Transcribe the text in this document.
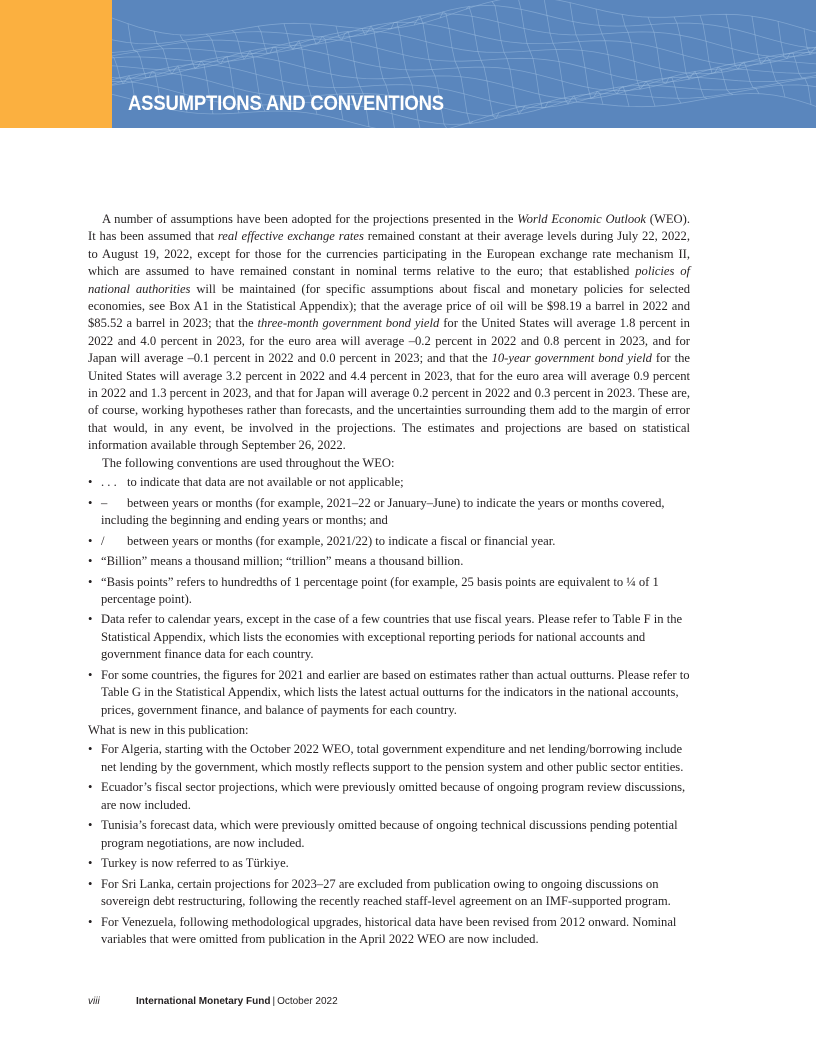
ASSUMPTIONS AND CONVENTIONS

A number of assumptions have been adopted for the projections presented in the World Economic Outlook (WEO). It has been assumed that real effective exchange rates remained constant at their average levels during July 22, 2022, to August 19, 2022, except for those for the currencies participating in the European exchange rate mechanism II, which are assumed to have remained constant in nominal terms relative to the euro; that established policies of national authorities will be maintained (for specific assumptions about fiscal and monetary policies for selected economies, see Box A1 in the Statistical Appendix); that the average price of oil will be $98.19 a barrel in 2022 and $85.52 a barrel in 2023; that the three-month government bond yield for the United States will average 1.8 percent in 2022 and 4.0 percent in 2023, for the euro area will average –0.2 percent in 2022 and 0.8 percent in 2023, and for Japan will average –0.1 percent in 2022 and 0.0 percent in 2023; and that the 10-year government bond yield for the United States will average 3.2 percent in 2022 and 4.4 percent in 2023, that for the euro area will average 0.9 percent in 2022 and 1.3 percent in 2023, and that for Japan will average 0.2 percent in 2022 and 0.3 percent in 2023. These are, of course, working hypotheses rather than forecasts, and the uncertainties surrounding them add to the margin of error that would, in any event, be involved in the projections. The estimates and projections are based on statistical information available through September 26, 2022.

The following conventions are used throughout the WEO:

• . . . to indicate that data are not available or not applicable;
• – between years or months (for example, 2021–22 or January–June) to indicate the years or months covered, including the beginning and ending years or months; and
• / between years or months (for example, 2021/22) to indicate a fiscal or financial year.
• “Billion” means a thousand million; “trillion” means a thousand billion.
• “Basis points” refers to hundredths of 1 percentage point (for example, 25 basis points are equivalent to ¼ of 1 percentage point).
• Data refer to calendar years, except in the case of a few countries that use fiscal years. Please refer to Table F in the Statistical Appendix, which lists the economies with exceptional reporting periods for national accounts and government finance data for each country.
• For some countries, the figures for 2021 and earlier are based on estimates rather than actual outturns. Please refer to Table G in the Statistical Appendix, which lists the latest actual outturns for the indicators in the national accounts, prices, government finance, and balance of payments for each country.

What is new in this publication:

• For Algeria, starting with the October 2022 WEO, total government expenditure and net lending/borrowing include net lending by the government, which mostly reflects support to the pension system and other public sector entities.
• Ecuador’s fiscal sector projections, which were previously omitted because of ongoing program review discussions, are now included.
• Tunisia’s forecast data, which were previously omitted because of ongoing technical discussions pending potential program negotiations, are now included.
• Turkey is now referred to as Türkiye.
• For Sri Lanka, certain projections for 2023–27 are excluded from publication owing to ongoing discussions on sovereign debt restructuring, following the recently reached staff-level agreement on an IMF-supported program.
• For Venezuela, following methodological upgrades, historical data have been revised from 2012 onward. Nominal variables that were omitted from publication in the April 2022 WEO are now included.
viii	International Monetary Fund | October 2022
